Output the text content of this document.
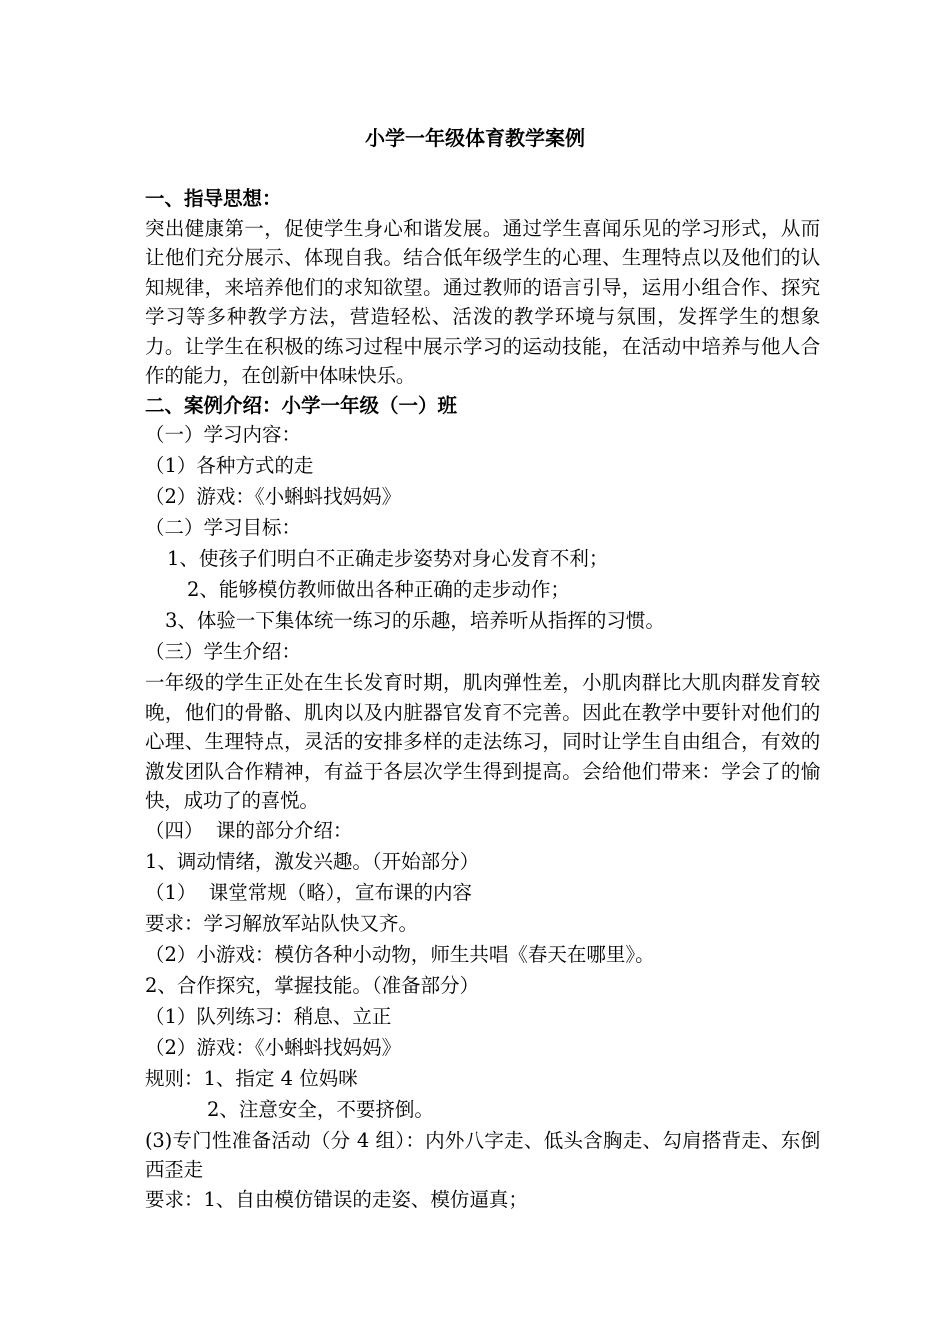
小学一年级体育教学案例

一、指导思想：

突出健康第一，促使学生身心和谐发展。通过学生喜闻乐见的学习形式，从而让他们充分展示、体现自我。结合低年级学生的心理、生理特点以及他们的认知规律，来培养他们的求知欲望。通过教师的语言引导，运用小组合作、探究学习等多种教学方法，营造轻松、活泼的教学环境与氛围，发挥学生的想象力。让学生在积极的练习过程中展示学习的运动技能，在活动中培养与他人合作的能力，在创新中体味快乐。

二、案例介绍：小学一年级（一）班

（一）学习内容：

（1）各种方式的走

（2）游戏：《小蝌蚪找妈妈》

（二）学习目标：

1、使孩子们明白不正确走步姿势对身心发育不利；

2、能够模仿教师做出各种正确的走步动作；

3、体验一下集体统一练习的乐趣，培养听从指挥的习惯。

（三）学生介绍：

一年级的学生正处在生长发育时期，肌肉弹性差，小肌肉群比大肌肉群发育较晚，他们的骨骼、肌肉以及内脏器官发育不完善。因此在教学中要针对他们的心理、生理特点，灵活的安排多样的走法练习，同时让学生自由组合，有效的激发团队合作精神，有益于各层次学生得到提高。会给他们带来：学会了的愉快，成功了的喜悦。

（四）  课的部分介绍：

1、调动情绪，激发兴趣。（开始部分）

（1）  课堂常规（略），宣布课的内容

要求：学习解放军站队快又齐。

（2）小游戏：模仿各种小动物，师生共唱《春天在哪里》。

2、合作探究，掌握技能。（准备部分）

（1）队列练习：稍息、立正

（2）游戏：《小蝌蚪找妈妈》

规则：1、指定 4 位妈咪

2、注意安全，不要挤倒。

(3)专门性准备活动（分 4 组）：内外八字走、低头含胸走、勾肩搭背走、东倒西歪走

要求：1、自由模仿错误的走姿、模仿逼真；
